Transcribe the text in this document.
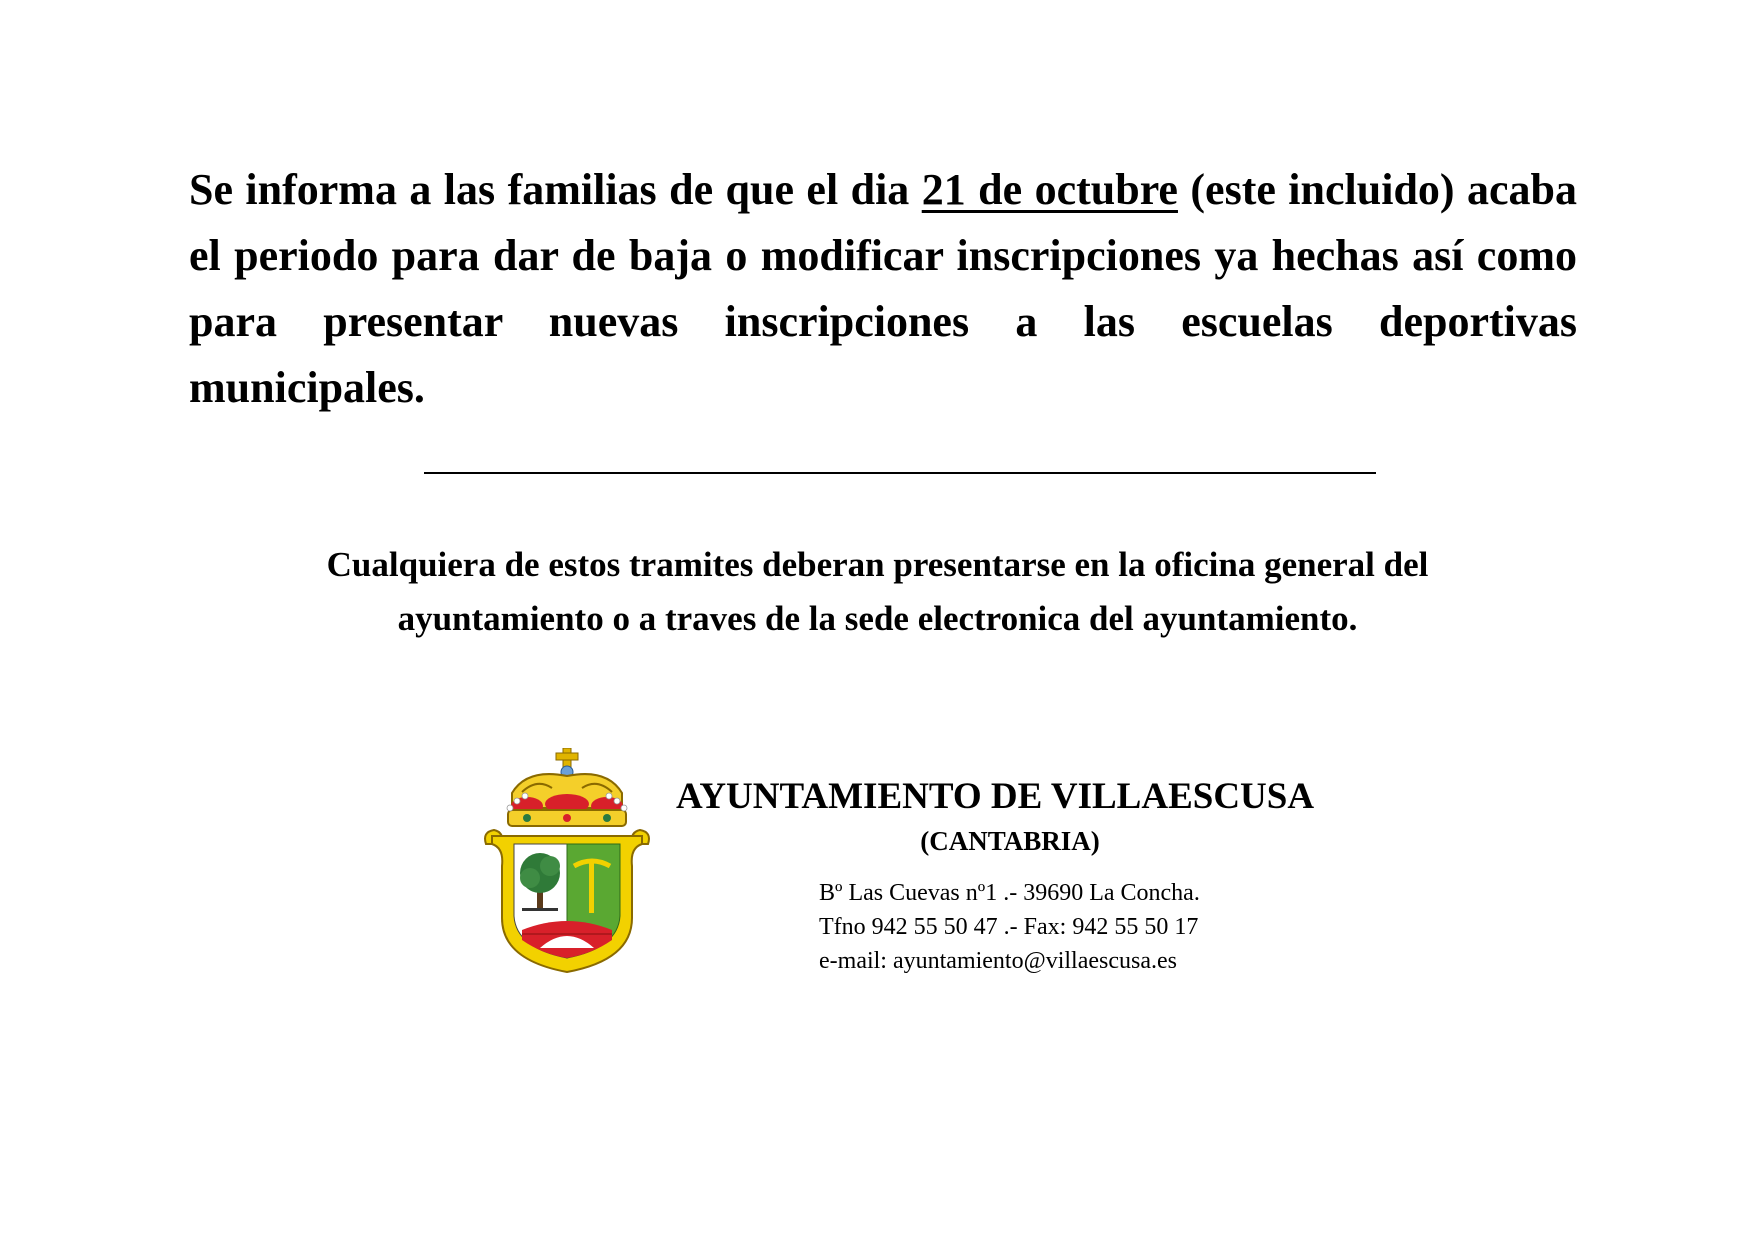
Se informa a las familias de que el dia 21 de octubre (este incluido) acaba el periodo para dar de baja o modificar inscripciones ya hechas así como para presentar nuevas inscripciones a las escuelas deportivas municipales.

Cualquiera de estos tramites deberan presentarse en la oficina general del
ayuntamiento o a traves de la sede electronica del ayuntamiento.

AYUNTAMIENTO DE VILLAESCUSA
(CANTABRIA)
Bº Las Cuevas nº1 .- 39690 La Concha.
Tfno 942 55 50 47 .- Fax: 942 55 50 17
e-mail: ayuntamiento@villaescusa.es
